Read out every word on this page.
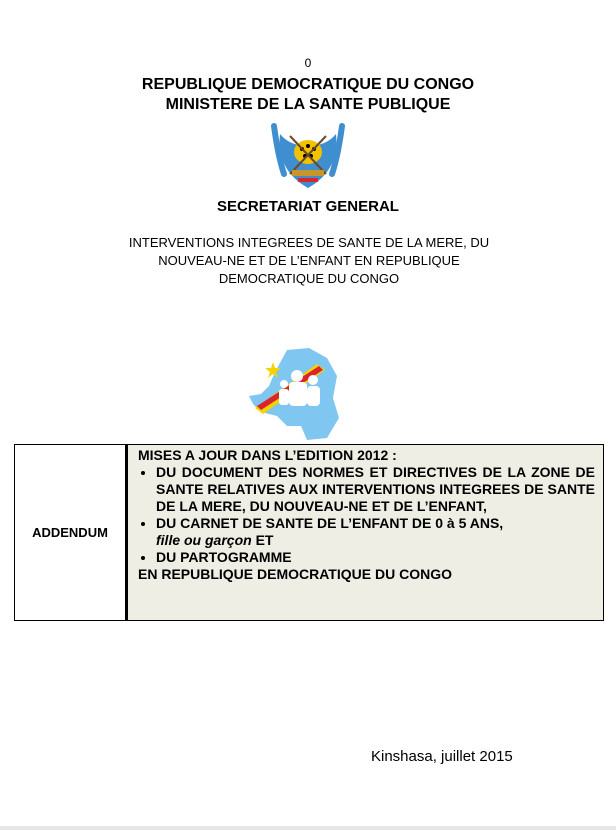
0
REPUBLIQUE DEMOCRATIQUE DU CONGO
MINISTERE DE LA SANTE PUBLIQUE
SECRETARIAT GENERAL
INTERVENTIONS INTEGREES DE SANTE DE LA MERE, DU
NOUVEAU-NE ET DE L’ENFANT EN REPUBLIQUE
DEMOCRATIQUE DU CONGO
ADDENDUM
MISES A JOUR DANS L’EDITION 2012 :
• DU DOCUMENT DES NORMES ET DIRECTIVES DE LA ZONE DE SANTE RELATIVES AUX INTERVENTIONS INTEGREES DE SANTE DE LA MERE, DU NOUVEAU-NE ET DE L’ENFANT,
• DU CARNET DE SANTE DE L’ENFANT DE 0 à 5 ANS,
fille ou garçon ET
• DU PARTOGRAMME
EN REPUBLIQUE DEMOCRATIQUE DU CONGO
Kinshasa, juillet 2015
